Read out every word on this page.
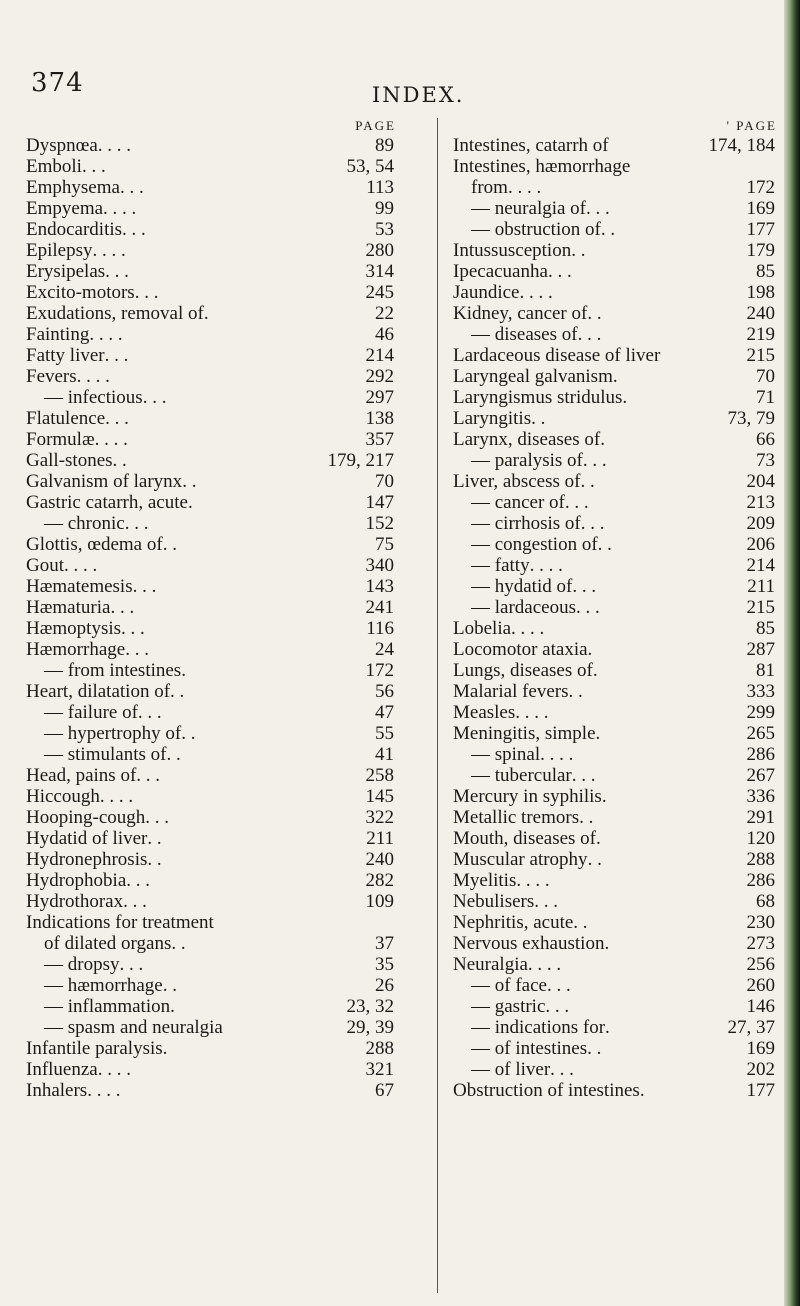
374	INDEX.
PAGE
Dyspnœa . . . .	89
Emboli . . .	53, 54
Emphysema . . .	113
Empyema . . . .	99
Endocarditis . . .	53
Epilepsy . . . .	280
Erysipelas . . .	314
Excito-motors . . .	245
Exudations, removal of .	22
Fainting . . . .	46
Fatty liver . . .	214
Fevers . . . .	292
— infectious . . .	297
Flatulence . . .	138
Formulæ . . . .	357
Gall-stones . .	179, 217
Galvanism of larynx . .	70
Gastric catarrh, acute .	147
— chronic . . .	152
Glottis, œdema of . .	75
Gout . . . .	340
Hæmatemesis . . .	143
Hæmaturia . . .	241
Hæmoptysis . . .	116
Hæmorrhage . . .	24
— from intestines .	172
Heart, dilatation of . .	56
— failure of . . .	47
— hypertrophy of . .	55
— stimulants of . .	41
Head, pains of . . .	258
Hiccough . . . .	145
Hooping-cough . . .	322
Hydatid of liver . .	211
Hydronephrosis . .	240
Hydrophobia . . .	282
Hydrothorax . . .	109
Indications for treatment
of dilated organs . .	37
— dropsy . . .	35
— hæmorrhage . .	26
— inflammation .	23, 32
— spasm and neuralgia	29, 39
Infantile paralysis .	288
Influenza . . . .	321
Inhalers . . . .	67
' PAGE
Intestines, catarrh of	174, 184
Intestines, hæmorrhage
from . . . .	172
— neuralgia of . . .	169
— obstruction of . .	177
Intussusception . .	179
Ipecacuanha . . .	85
Jaundice . . . .	198
Kidney, cancer of . .	240
— diseases of . . .	219
Lardaceous disease of liver	215
Laryngeal galvanism .	70
Laryngismus stridulus .	71
Laryngitis . .	73, 79
Larynx, diseases of .	66
— paralysis of . . .	73
Liver, abscess of . .	204
— cancer of . . .	213
— cirrhosis of . . .	209
— congestion of . .	206
— fatty . . . .	214
— hydatid of . . .	211
— lardaceous . . .	215
Lobelia . . . .	85
Locomotor ataxia .	287
Lungs, diseases of .	81
Malarial fevers . .	333
Measles . . . .	299
Meningitis, simple .	265
— spinal . . . .	286
— tubercular . . .	267
Mercury in syphilis .	336
Metallic tremors . .	291
Mouth, diseases of .	120
Muscular atrophy . .	288
Myelitis . . . .	286
Nebulisers . . .	68
Nephritis, acute . .	230
Nervous exhaustion .	273
Neuralgia . . . .	256
— of face . . .	260
— gastric . . .	146
— indications for .	27, 37
— of intestines . .	169
— of liver . . .	202
Obstruction of intestines .	177
